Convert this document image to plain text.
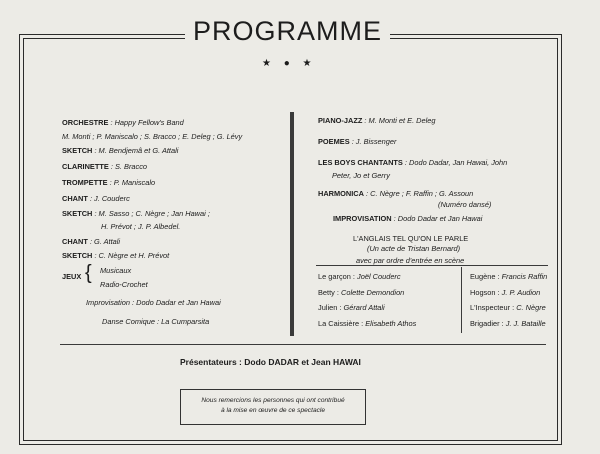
PROGRAMME
★ ● ★
ORCHESTRE : Happy Fellow's Band
M. Monti ; P. Maniscalo ; S. Bracco ; E. Deleg ; G. Lévy
SKETCH : M. Bendjemâ et G. Attali
CLARINETTE : S. Bracco
TROMPETTE : P. Maniscalo
CHANT : J. Couderc
SKETCH : M. Sasso ; C. Nègre ; Jan Hawai ;
H. Prévot ; J. P. Albedel.
CHANT : G. Attali
SKETCH : C. Nègre et H. Prévot
JEUX { Musicaux
Radio-Crochet
Improvisation : Dodo Dadar et Jan Hawai
Danse Comique : La Cumparsita
PIANO-JAZZ : M. Monti et E. Deleg
POEMES : J. Bissenger
LES BOYS CHANTANTS : Dodo Dadar, Jan Hawai, John
Peter, Jo et Gerry
HARMONICA : C. Nègre ; F. Raffin ; G. Assoun
(Numéro dansé)
IMPROVISATION : Dodo Dadar et Jan Hawai
L'ANGLAIS TEL QU'ON LE PARLE
(Un acte de Tristan Bernard)
avec par ordre d'entrée en scène
Le garçon : Joël Couderc
Betty : Colette Demondion
Julien : Gérard Attali
La Caissière : Elisabeth Athos
Eugène : Francis Raffin
Hogson : J. P. Audion
L'Inspecteur : C. Nègre
Brigadier : J. J. Bataille
Présentateurs : Dodo DADAR et Jean HAWAI
Nous remercions les personnes qui ont contribué
à la mise en œuvre de ce spectacle
